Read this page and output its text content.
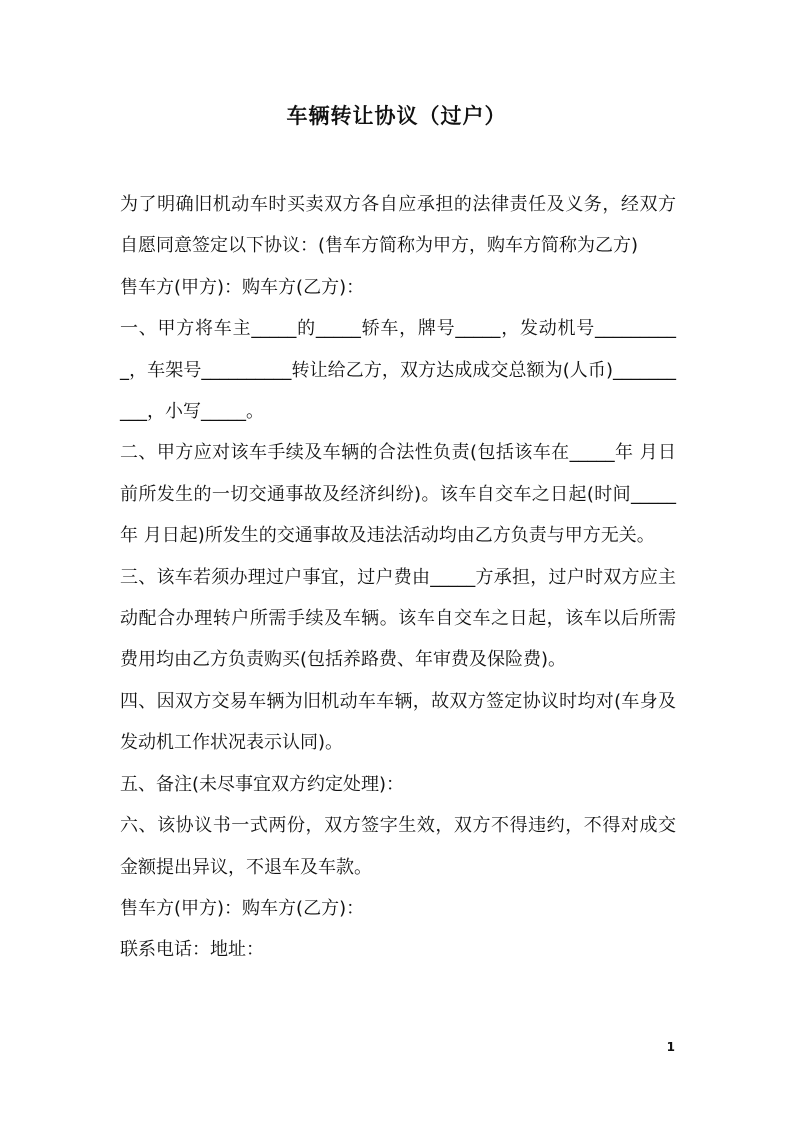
车辆转让协议（过户）

为了明确旧机动车时买卖双方各自应承担的法律责任及义务，经双方自愿同意签定以下协议：(售车方简称为甲方，购车方简称为乙方)

售车方(甲方)：购车方(乙方)：

一、甲方将车主_____的_____轿车，牌号_____，发动机号__________，车架号__________转让给乙方，双方达成成交总额为(人币)__________，小写_____。

二、甲方应对该车手续及车辆的合法性负责(包括该车在_____年 月日前所发生的一切交通事故及经济纠纷)。该车自交车之日起(时间_____年 月日起)所发生的交通事故及违法活动均由乙方负责与甲方无关。

三、该车若须办理过户事宜，过户费由_____方承担，过户时双方应主动配合办理转户所需手续及车辆。该车自交车之日起，该车以后所需费用均由乙方负责购买(包括养路费、年审费及保险费)。

四、因双方交易车辆为旧机动车车辆，故双方签定协议时均对(车身及发动机工作状况表示认同)。

五、备注(未尽事宜双方约定处理)：

六、该协议书一式两份，双方签字生效，双方不得违约，不得对成交金额提出异议，不退车及车款。

售车方(甲方)：购车方(乙方)：

联系电话：地址：

1
